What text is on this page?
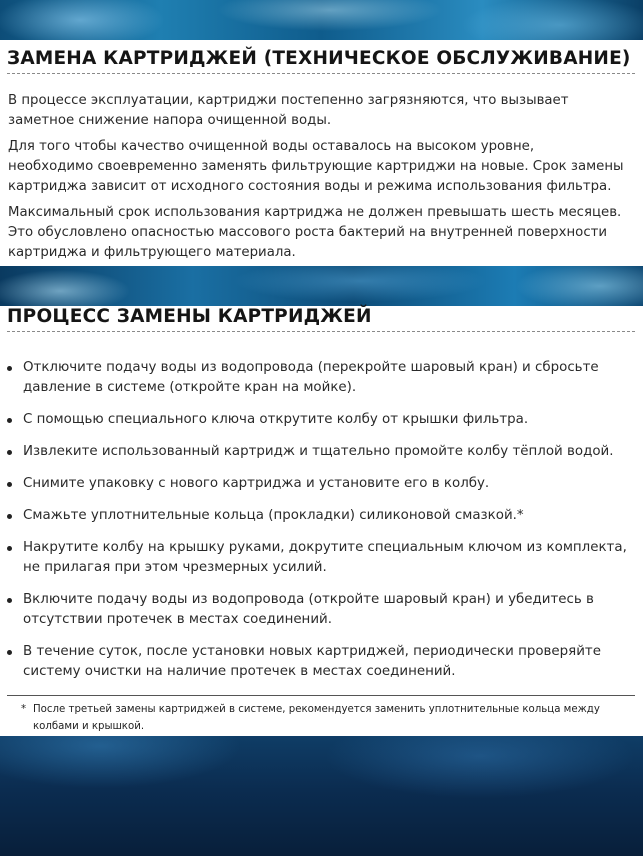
ЗАМЕНА КАРТРИДЖЕЙ (ТЕХНИЧЕСКОЕ ОБСЛУЖИВАНИЕ)
В процессе эксплуатации, картриджи постепенно загрязняются, что вызывает
заметное снижение напора очищенной воды.
Для того чтобы качество очищенной воды оставалось на высоком уровне,
необходимо своевременно заменять фильтрующие картриджи на новые. Срок замены
картриджа зависит от исходного состояния воды и режима использования фильтра.
Максимальный срок использования картриджа не должен превышать шесть месяцев.
Это обусловлено опасностью массового роста бактерий на внутренней поверхности
картриджа и фильтрующего материала.
ПРОЦЕСС ЗАМЕНЫ КАРТРИДЖЕЙ
Отключите подачу воды из водопровода (перекройте шаровый кран) и сбросьте
давление в системе (откройте кран на мойке).
С помощью специального ключа открутите колбу от крышки фильтра.
Извлеките использованный картридж и тщательно промойте колбу тёплой водой.
Снимите упаковку с нового картриджа и установите его в колбу.
Смажьте уплотнительные кольца (прокладки) силиконовой смазкой.*
Накрутите колбу на крышку руками, докрутите специальным ключом из комплекта,
не прилагая при этом чрезмерных усилий.
Включите подачу воды из водопровода (откройте шаровый кран) и убедитесь в
отсутствии протечек в местах соединений.
В течение суток, после установки новых картриджей, периодически проверяйте
систему очистки на наличие протечек в местах соединений.
* После третьей замены картриджей в системе, рекомендуется заменить уплотнительные кольца между
колбами и крышкой.
